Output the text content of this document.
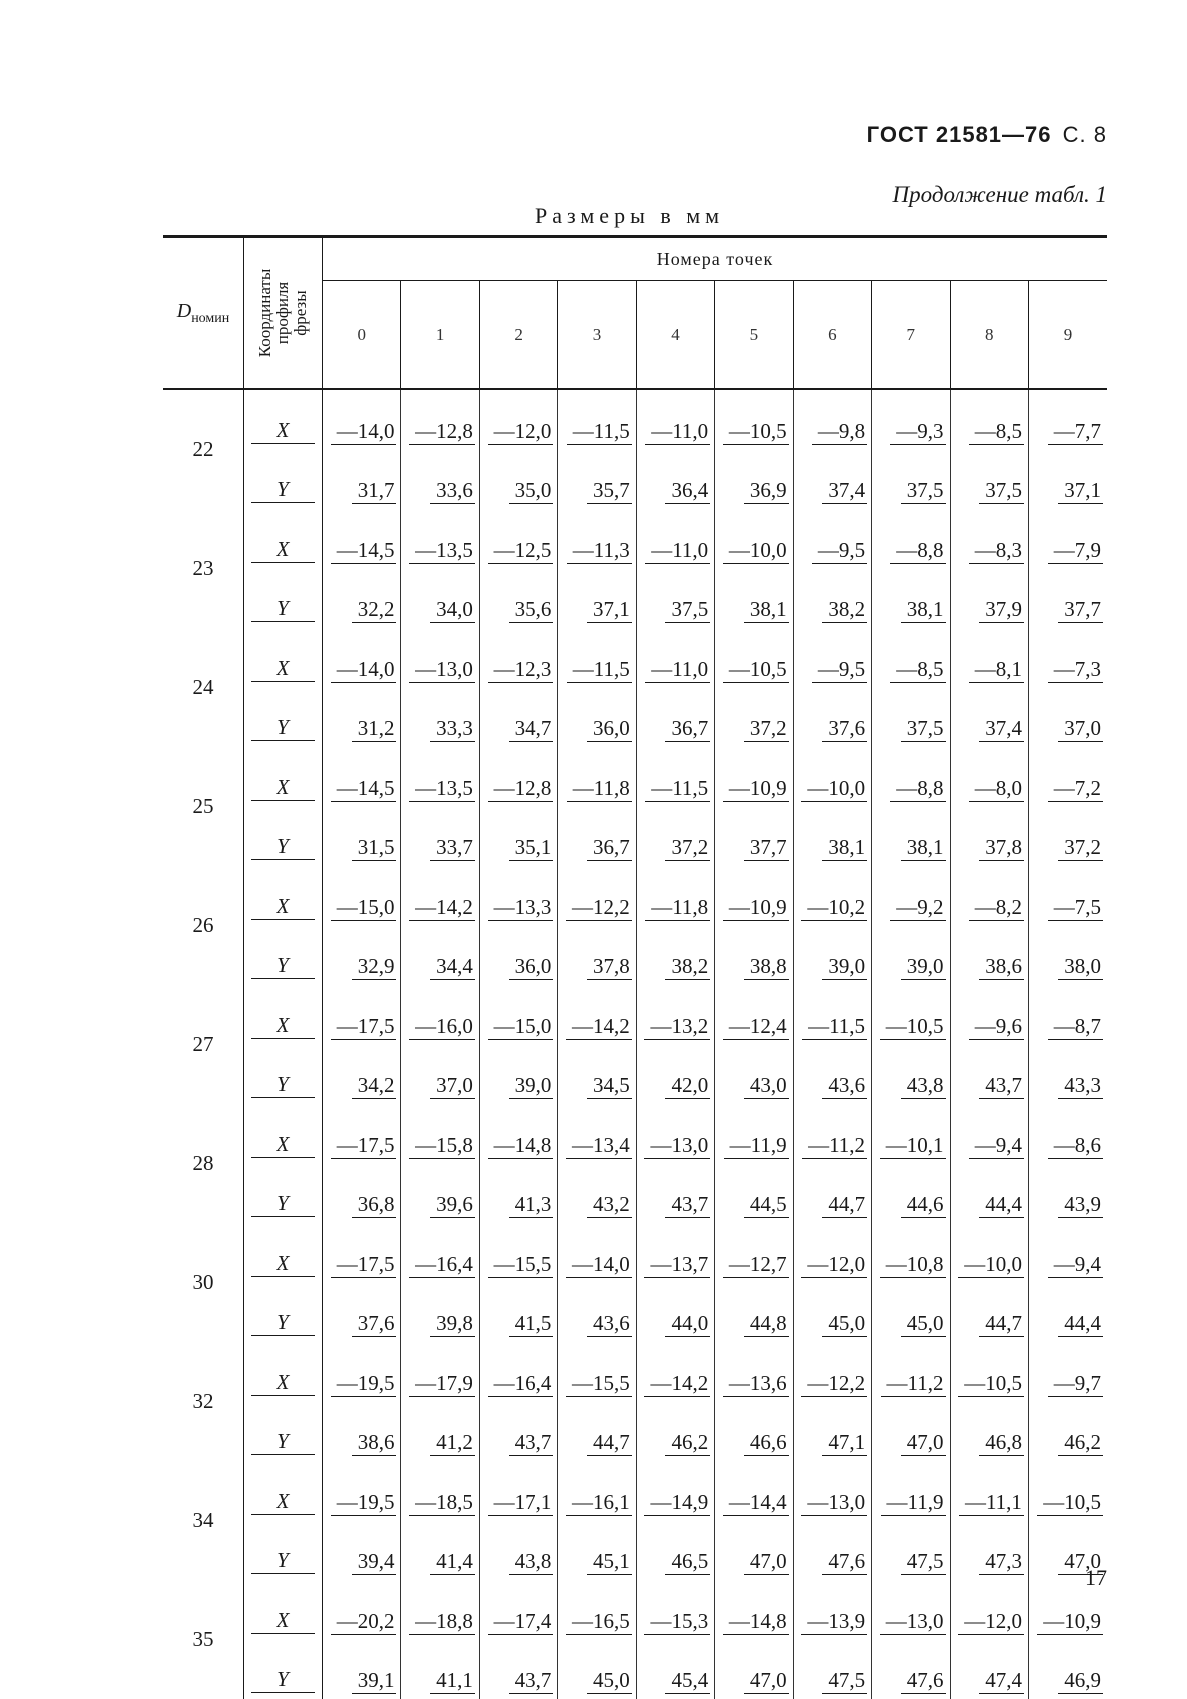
ГОСТ 21581—76 С. 8
Продолжение табл. 1
Размеры в мм
$D_{номин}$	Координаты профиля фрезы	Номера точек									
		0	1	2	3	4	5	6	7	8	9
22	X	—14,0	—12,8	—12,0	—11,5	—11,0	—10,5	—9,8	—9,3	—8,5	—7,7
	Y	31,7	33,6	35,0	35,7	36,4	36,9	37,4	37,5	37,5	37,1
23	X	—14,5	—13,5	—12,5	—11,3	—11,0	—10,0	—9,5	—8,8	—8,3	—7,9
	Y	32,2	34,0	35,6	37,1	37,5	38,1	38,2	38,1	37,9	37,7
24	X	—14,0	—13,0	—12,3	—11,5	—11,0	—10,5	—9,5	—8,5	—8,1	—7,3
	Y	31,2	33,3	34,7	36,0	36,7	37,2	37,6	37,5	37,4	37,0
25	X	—14,5	—13,5	—12,8	—11,8	—11,5	—10,9	—10,0	—8,8	—8,0	—7,2
	Y	31,5	33,7	35,1	36,7	37,2	37,7	38,1	38,1	37,8	37,2
26	X	—15,0	—14,2	—13,3	—12,2	—11,8	—10,9	—10,2	—9,2	—8,2	—7,5
	Y	32,9	34,4	36,0	37,8	38,2	38,8	39,0	39,0	38,6	38,0
27	X	—17,5	—16,0	—15,0	—14,2	—13,2	—12,4	—11,5	—10,5	—9,6	—8,7
	Y	34,2	37,0	39,0	34,5	42,0	43,0	43,6	43,8	43,7	43,3
28	X	—17,5	—15,8	—14,8	—13,4	—13,0	—11,9	—11,2	—10,1	—9,4	—8,6
	Y	36,8	39,6	41,3	43,2	43,7	44,5	44,7	44,6	44,4	43,9
30	X	—17,5	—16,4	—15,5	—14,0	—13,7	—12,7	—12,0	—10,8	—10,0	—9,4
	Y	37,6	39,8	41,5	43,6	44,0	44,8	45,0	45,0	44,7	44,4
32	X	—19,5	—17,9	—16,4	—15,5	—14,2	—13,6	—12,2	—11,2	—10,5	—9,7
	Y	38,6	41,2	43,7	44,7	46,2	46,6	47,1	47,0	46,8	46,2
34	X	—19,5	—18,5	—17,1	—16,1	—14,9	—14,4	—13,0	—11,9	—11,1	—10,5
	Y	39,4	41,4	43,8	45,1	46,5	47,0	47,6	47,5	47,3	47,0
35	X	—20,2	—18,8	—17,4	—16,5	—15,3	—14,8	—13,9	—13,0	—12,0	—10,9
	Y	39,1	41,1	43,7	45,0	45,4	47,0	47,5	47,6	47,4	46,9
17
